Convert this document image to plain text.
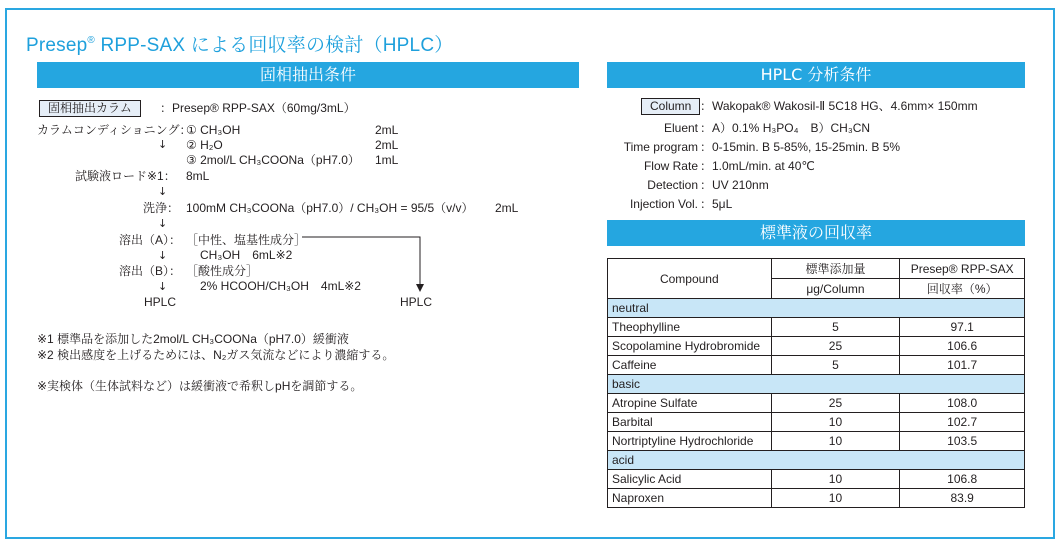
Presep® RPP-SAX による回収率の検討（HPLC）
固相抽出条件	HPLC 分析条件
標準液の回収率
固相抽出カラム	：Presep® RPP-SAX（60mg/3mL）
カラムコンディショニング：
① CH₃OH	2mL
↓ ② H₂O	2mL
③ 2mol/L CH₃COONa（pH7.0） 1mL
試験液ロード※1： 8mL
↓
洗浄： 100mM CH₃COONa（pH7.0）/ CH₃OH = 95/5（v/v） 2mL
↓
溶出（A）： ［中性、塩基性成分］
CH₃OH　6mL※2
↓
溶出（B）： ［酸性成分］
2% HCOOH/CH₃OH　4mL※2
↓
HPLC	HPLC
※1 標準品を添加した2mol/L CH₃COONa（pH7.0）緩衝液
※2 検出感度を上げるためには、N₂ガス気流などにより濃縮する。
※実検体（生体試料など）は緩衝液で希釈しpHを調節する。
Column ：Wakopak® Wakosil-Ⅱ 5C18 HG、4.6mm× 150mm
Eluent ：A）0.1% H₃PO₄　B）CH₃CN
Time program ：0-15min. B 5-85%, 15-25min. B 5%
Flow Rate ：1.0mL/min. at 40℃
Detection ：UV 210nm
Injection Vol. ：5μL
Compound	標準添加量	Presep® RPP-SAX
	μg/Column	回収率（%）
neutral		
Theophylline	5	97.1
Scopolamine Hydrobromide	25	106.6
Caffeine	5	101.7
basic		
Atropine Sulfate	25	108.0
Barbital	10	102.7
Nortriptyline Hydrochloride	10	103.5
acid		
Salicylic Acid	10	106.8
Naproxen	10	83.9
